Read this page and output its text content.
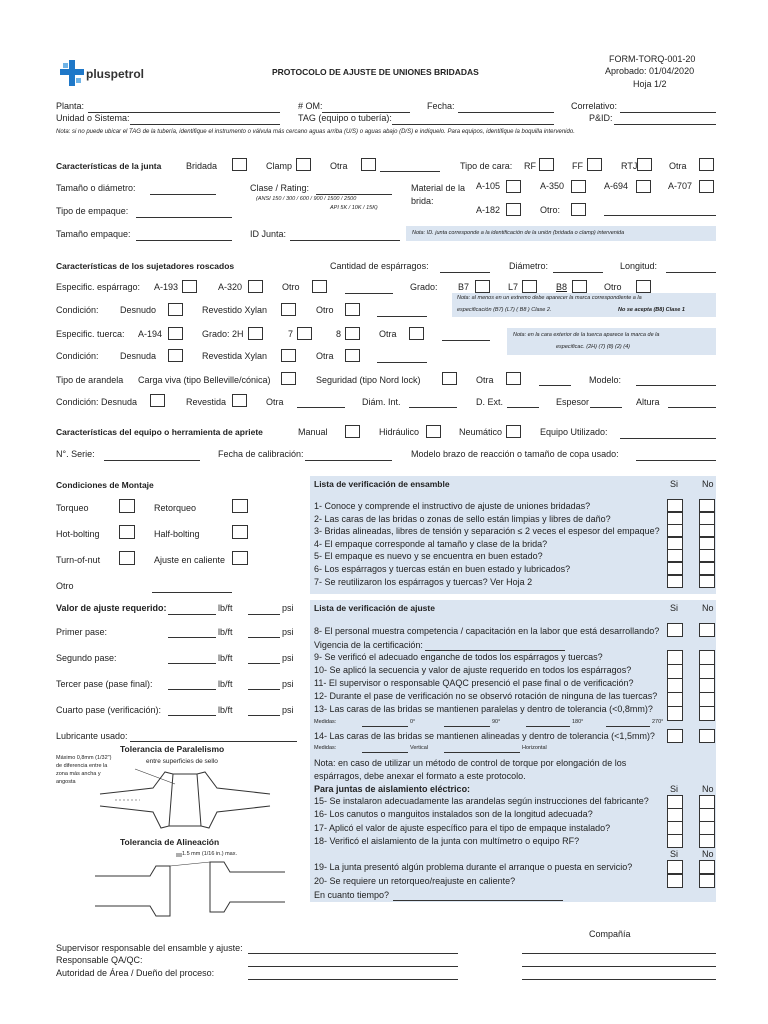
pluspetrol	PROTOCOLO DE AJUSTE DE UNIONES BRIDADAS
FORM-TORQ-001-20
Aprobado: 01/04/2020
Hoja 1/2
Planta:	# OM:	Fecha:	Correlativo:
Unidad o Sistema:	TAG (equipo o tubería):	P&ID:
Nota: si no puede ubicar el TAG de la tubería, identifique el instrumento o válvula más cercano aguas arriba (U/S) o aguas abajo (D/S) e indíquelo. Para equipos, identifique la boquilla intervenido.
Características de la junta	Bridada	Clamp	Otra	Tipo de cara: RF	FF	RTJ	Otra
Tamaño o diámetro:	Clase / Rating:
(ANSI 150 / 300 / 600 / 900 / 1500 / 2500
API 5K / 10K / 15K)
Material de la
brida:
A-105	A-350	A-694	A-707
A-182	Otro:
Tipo de empaque:
Tamaño empaque:	ID Junta:	Nota: ID. junta corresponde a la identificación de la unión (bridada o clamp) intervenida
Características de los sujetadores roscados	Cantidad de espárragos:	Diámetro:	Longitud:
Especific. espárrago: A-193	A-320	Otro	Grado: B7	L7	B8	Otro
Nota: al menos en un extremo debe aparecer la marca correspondiente a la
especificación (B7) (L7) ( B8 ) Clase 2.	No se acepta (B8) Clase 1
Condición: Desnudo	Revestido Xylan	Otro
Especific. tuerca: A-194	Grado: 2H	7	8	Otra	Nota: en la cara exterior de la tuerca aparece la marca de la
especificac. (2H) (7) (8) (2) (4)
Condición: Desnuda	Revestida Xylan	Otra
Tipo de arandela Carga viva (tipo Belleville/cónica)	Seguridad (tipo Nord lock)	Otra	Modelo:
Condición: Desnuda	Revestida	Otra	Diám. Int.	D. Ext.	Espesor	Altura
Características del equipo o herramienta de apriete	Manual	Hidráulico	Neumático	Equipo Utilizado:
N°. Serie:	Fecha de calibración:	Modelo brazo de reacción o tamaño de copa usado:
Condiciones de Montaje
Torqueo	Retorqueo
Hot-bolting	Half-bolting
Turn-of-nut	Ajuste en caliente
Otro
Valor de ajuste requerido:	lb/ft	psi
Primer pase:	lb/ft	psi
Segundo pase:	lb/ft	psi
Tercer pase (pase final):	lb/ft	psi
Cuarto pase (verificación):	lb/ft	psi
Lubricante usado:
Tolerancia de Paralelismo
Máximo 0,8mm (1/32")
de diferencia entre la
zona más ancha y
angosta
entre superficies de sello
Tolerancia de Alineación
1.5 mm (1/16 in.) max.
Lista de verificación de ensamble	Si	No
1- Conoce y comprende el instructivo de ajuste de uniones bridadas?
2- Las caras de las bridas o zonas de sello están limpias y libres de daño?
3- Bridas alineadas, libres de tensión y separación ≤ 2 veces el espesor del empaque?
4- El empaque corresponde al tamaño y clase de la brida?
5- El empaque es nuevo y se encuentra en buen estado?
6- Los espárragos y tuercas están en buen estado y lubricados?
7- Se reutilizaron los espárragos y tuercas? Ver Hoja 2
Lista de verificación de ajuste	Si	No
8- El personal muestra competencia / capacitación en la labor que está desarrollando?
Vigencia de la certificación:
9- Se verificó el adecuado enganche de todos los espárragos y tuercas?
10- Se aplicó la secuencia y valor de ajuste requerido en todos los espárragos?
11- El supervisor o responsable QAQC presenció el pase final o de verificación?
12- Durante el pase de verificación no se observó rotación de ninguna de las tuercas?
13- Las caras de las bridas se mantienen paralelas y dentro de tolerancia (<0,8mm)?
Medidas:	0°	90°	180°	270°
14- Las caras de las bridas se mantienen alineadas y dentro de tolerancia (<1,5mm)?
Medidas:	Vertical	Horizontal
Nota: en caso de utilizar un método de control de torque por elongación de los
espárragos, debe anexar el formato a este protocolo.
Para juntas de aislamiento eléctrico:	Si	No
15- Se instalaron adecuadamente las arandelas según instrucciones del fabricante?
16- Los canutos o manguitos instalados son de la longitud adecuada?
17- Aplicó el valor de ajuste específico para el tipo de empaque instalado?
18- Verificó el aislamiento de la junta con multímetro o equipo RF?
Si	No
19- La junta presentó algún problema durante el arranque o puesta en servicio?
20- Se requiere un retorqueo/reajuste en caliente?
En cuanto tiempo?
Compañía
Supervisor responsable del ensamble y ajuste:
Responsable QA/QC:
Autoridad de Área / Dueño del proceso:
